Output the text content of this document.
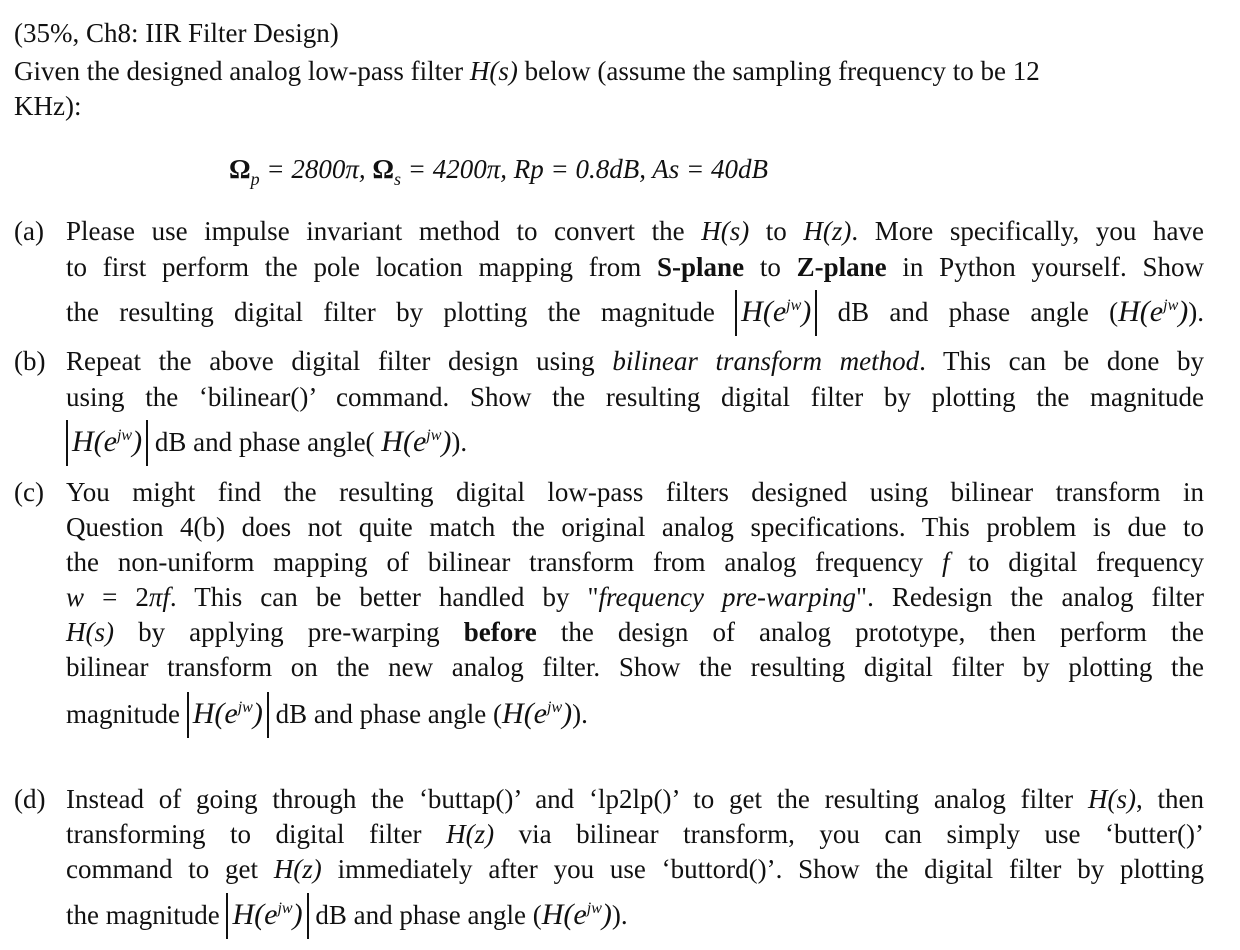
(35%, Ch8: IIR Filter Design)
Given the designed analog low-pass filter H(s) below (assume the sampling frequency to be 12
KHz):
$\Omega_p = 2800\pi$, $\Omega_s = 4200\pi$, Rp = 0.8dB, As = 40dB
(a) Please use impulse invariant method to convert the H(s) to H(z). More specifically, you have
to first perform the pole location mapping from S-plane to Z-plane in Python yourself. Show
the resulting digital filter by plotting the magnitude $H(e^{jw})$ dB and phase angle $(H(e^{jw}))$.
(b) Repeat the above digital filter design using bilinear transform method. This can be done by
using the ‘bilinear()’ command. Show the resulting digital filter by plotting the magnitude
$H(e^{jw})$ dB and phase angle( $H(e^{jw})$).
(c) You might find the resulting digital low-pass filters designed using bilinear transform in
Question 4(b) does not quite match the original analog specifications. This problem is due to
the non-uniform mapping of bilinear transform from analog frequency f to digital frequency
w = 2πf. This can be better handled by "frequency pre-warping". Redesign the analog filter
H(s) by applying pre-warping before the design of analog prototype, then perform the
bilinear transform on the new analog filter. Show the resulting digital filter by plotting the
magnitude $H(e^{jw})$ dB and phase angle $(H(e^{jw}))$.
(d) Instead of going through the ‘buttap()’ and ‘lp2lp()’ to get the resulting analog filter H(s), then
transforming to digital filter H(z) via bilinear transform, you can simply use ‘butter()’
command to get H(z) immediately after you use ‘buttord()’. Show the digital filter by plotting
the magnitude $H(e^{jw})$ dB and phase angle $(H(e^{jw}))$.
